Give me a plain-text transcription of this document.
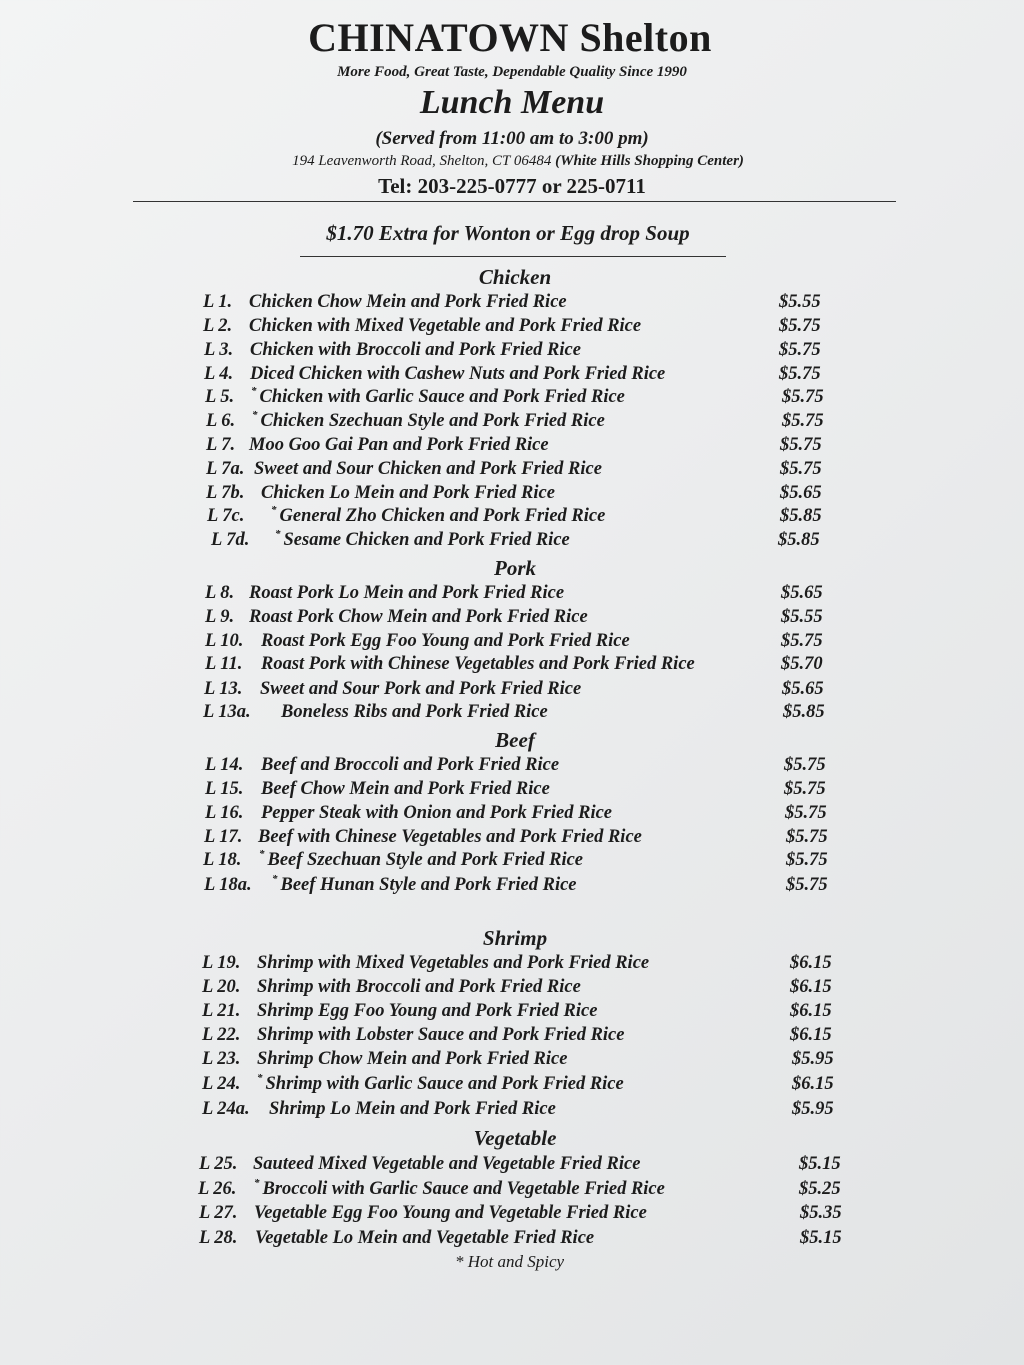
CHINATOWN Shelton
More Food, Great Taste, Dependable Quality Since 1990
Lunch Menu
(Served from 11:00 am to 3:00 pm)
194 Leavenworth Road, Shelton, CT 06484 (White Hills Shopping Center)
Tel: 203-225-0777 or 225-0711
$1.70 Extra for Wonton or Egg drop Soup
Chicken
Pork
Beef
Shrimp
Vegetable
L 1. Chicken Chow Mein and Pork Fried Rice	$5.55
L 2. Chicken with Mixed Vegetable and Pork Fried Rice	$5.75
L 3. Chicken with Broccoli and Pork Fried Rice	$5.75
L 4. Diced Chicken with Cashew Nuts and Pork Fried Rice	$5.75
L 5. * Chicken with Garlic Sauce and Pork Fried Rice	$5.75
L 6. * Chicken Szechuan Style and Pork Fried Rice	$5.75
L 7. Moo Goo Gai Pan and Pork Fried Rice	$5.75
L 7a. Sweet and Sour Chicken and Pork Fried Rice	$5.75
L 7b. Chicken Lo Mein and Pork Fried Rice	$5.65
L 7c. * General Zho Chicken and Pork Fried Rice	$5.85
L 7d. * Sesame Chicken and Pork Fried Rice	$5.85
L 8. Roast Pork Lo Mein and Pork Fried Rice	$5.65
L 9. Roast Pork Chow Mein and Pork Fried Rice	$5.55
L 10. Roast Pork Egg Foo Young and Pork Fried Rice	$5.75
L 11. Roast Pork with Chinese Vegetables and Pork Fried Rice	$5.70
L 13. Sweet and Sour Pork and Pork Fried Rice	$5.65
L 13a. Boneless Ribs and Pork Fried Rice	$5.85
L 14. Beef and Broccoli and Pork Fried Rice	$5.75
L 15. Beef Chow Mein and Pork Fried Rice	$5.75
L 16. Pepper Steak with Onion and Pork Fried Rice	$5.75
L 17. Beef with Chinese Vegetables and Pork Fried Rice	$5.75
L 18. * Beef Szechuan Style and Pork Fried Rice	$5.75
L 18a. * Beef Hunan Style and Pork Fried Rice	$5.75
L 19. Shrimp with Mixed Vegetables and Pork Fried Rice	$6.15
L 20. Shrimp with Broccoli and Pork Fried Rice	$6.15
L 21. Shrimp Egg Foo Young and Pork Fried Rice	$6.15
L 22. Shrimp with Lobster Sauce and Pork Fried Rice	$6.15
L 23. Shrimp Chow Mein and Pork Fried Rice	$5.95
L 24. * Shrimp with Garlic Sauce and Pork Fried Rice	$6.15
L 24a. Shrimp Lo Mein and Pork Fried Rice	$5.95
L 25. Sauteed Mixed Vegetable and Vegetable Fried Rice	$5.15
L 26. * Broccoli with Garlic Sauce and Vegetable Fried Rice	$5.25
L 27. Vegetable Egg Foo Young and Vegetable Fried Rice	$5.35
L 28. Vegetable Lo Mein and Vegetable Fried Rice	$5.15
* Hot and Spicy
